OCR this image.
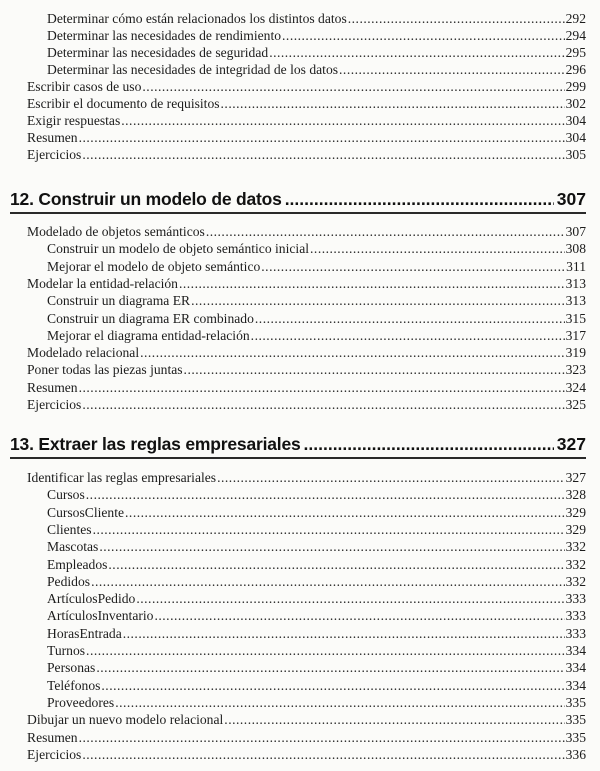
Determinar cómo están relacionados los distintos datos .....	292
Determinar las necesidades de rendimiento .....	294
Determinar las necesidades de seguridad .....	295
Determinar las necesidades de integridad de los datos .....	296
Escribir casos de uso .....	299
Escribir el documento de requisitos .....	302
Exigir respuestas .....	304
Resumen .....	304
Ejercicios .....	305
12. Construir un modelo de datos .....	307
Modelado de objetos semánticos .....	307
Construir un modelo de objeto semántico inicial .....	308
Mejorar el modelo de objeto semántico .....	311
Modelar la entidad-relación .....	313
Construir un diagrama ER .....	313
Construir un diagrama ER combinado .....	315
Mejorar el diagrama entidad-relación .....	317
Modelado relacional .....	319
Poner todas las piezas juntas .....	323
Resumen .....	324
Ejercicios .....	325
13. Extraer las reglas empresariales .....	327
Identificar las reglas empresariales .....	327
Cursos .....	328
CursosCliente .....	329
Clientes .....	329
Mascotas .....	332
Empleados .....	332
Pedidos .....	332
ArtículosPedido .....	333
ArtículosInventario .....	333
HorasEntrada .....	333
Turnos .....	334
Personas .....	334
Teléfonos .....	334
Proveedores .....	335
Dibujar un nuevo modelo relacional .....	335
Resumen .....	335
Ejercicios .....	336
